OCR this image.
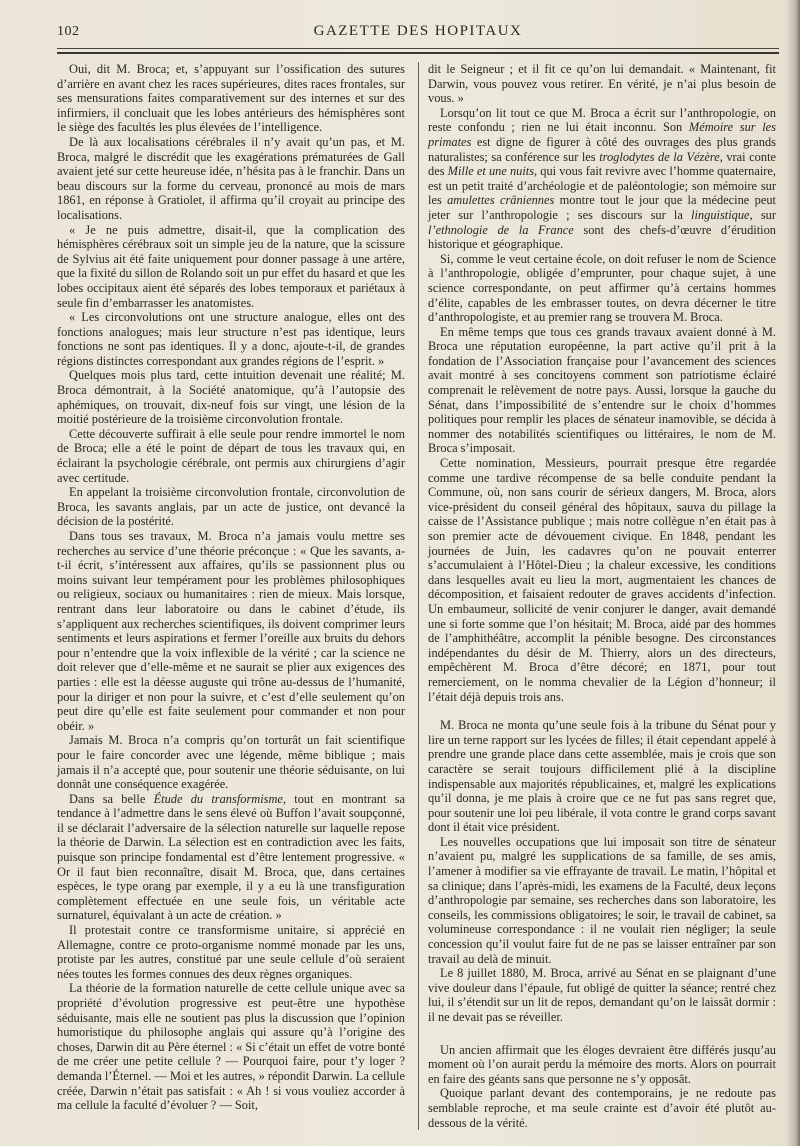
102	GAZETTE DES HOPITAUX

Oui, dit M. Broca; et, s’appuyant sur l’ossification des sutures d’arrière en avant chez les races supérieures, dites races frontales, sur ses mensurations faites comparativement sur des internes et sur des infirmiers, il concluait que les lobes antérieurs des hémisphères sont le siège des facultés les plus élevées de l’intelligence.

De là aux localisations cérébrales il n’y avait qu’un pas, et M. Broca, malgré le discrédit que les exagérations prématurées de Gall avaient jeté sur cette heureuse idée, n’hésita pas à le franchir. Dans un beau discours sur la forme du cerveau, prononcé au mois de mars 1861, en réponse à Gratiolet, il affirma qu’il croyait au principe des localisations.

« Je ne puis admettre, disait-il, que la complication des hémisphères cérébraux soit un simple jeu de la nature, que la scissure de Sylvius ait été faite uniquement pour donner passage à une artère, que la fixité du sillon de Rolando soit un pur effet du hasard et que les lobes occipitaux aient été séparés des lobes temporaux et pariétaux à seule fin d’embarrasser les anatomistes.

« Les circonvolutions ont une structure analogue, elles ont des fonctions analogues; mais leur structure n’est pas identique, leurs fonctions ne sont pas identiques. Il y a donc, ajoute-t-il, de grandes régions distinctes correspondant aux grandes régions de l’esprit. »

Quelques mois plus tard, cette intuition devenait une réalité; M. Broca démontrait, à la Société anatomique, qu’à l’autopsie des aphémiques, on trouvait, dix-neuf fois sur vingt, une lésion de la moitié postérieure de la troisième circonvolution frontale.

Cette découverte suffirait à elle seule pour rendre immortel le nom de Broca; elle a été le point de départ de tous les travaux qui, en éclairant la psychologie cérébrale, ont permis aux chirurgiens d’agir avec certitude.

En appelant la troisième circonvolution frontale, circonvolution de Broca, les savants anglais, par un acte de justice, ont devancé la décision de la postérité.

Dans tous ses travaux, M. Broca n’a jamais voulu mettre ses recherches au service d’une théorie préconçue : « Que les savants, a-t-il écrit, s’intéressent aux affaires, qu’ils se passionnent plus ou moins suivant leur tempérament pour les problèmes philosophiques ou religieux, sociaux ou humanitaires : rien de mieux. Mais lorsque, rentrant dans leur laboratoire ou dans le cabinet d’étude, ils s’appliquent aux recherches scientifiques, ils doivent comprimer leurs sentiments et leurs aspirations et fermer l’oreille aux bruits du dehors pour n’entendre que la voix inflexible de la vérité ; car la science ne doit relever que d’elle-même et ne saurait se plier aux exigences des parties : elle est la déesse auguste qui trône au-dessus de l’humanité, pour la diriger et non pour la suivre, et c’est d’elle seulement qu’on peut dire qu’elle est faite seulement pour commander et non pour obéir. »

Jamais M. Broca n’a compris qu’on torturât un fait scientifique pour le faire concorder avec une légende, même biblique ; mais jamais il n’a accepté que, pour soutenir une théorie séduisante, on lui donnât une conséquence exagérée.

Dans sa belle Étude du transformisme, tout en montrant sa tendance à l’admettre dans le sens élevé où Buffon l’avait soupçonné, il se déclarait l’adversaire de la sélection naturelle sur laquelle repose la théorie de Darwin. La sélection est en contradiction avec les faits, puisque son principe fondamental est d’être lentement progressive. « Or il faut bien reconnaître, disait M. Broca, que, dans certaines espèces, le type orang par exemple, il y a eu là une transfiguration complètement effectuée en une seule fois, un véritable acte surnaturel, équivalant à un acte de création. »

Il protestait contre ce transformisme unitaire, si apprécié en Allemagne, contre ce proto-organisme nommé monade par les uns, protiste par les autres, constitué par une seule cellule d’où seraient nées toutes les formes connues des deux règnes organiques.

La théorie de la formation naturelle de cette cellule unique avec sa propriété d’évolution progressive est peut-être une hypothèse séduisante, mais elle ne soutient pas plus la discussion que l’opinion humoristique du philosophe anglais qui assure qu’à l’origine des choses, Darwin dit au Père éternel : « Si c’était un effet de votre bonté de me créer une petite cellule ? — Pourquoi faire, pour t’y loger ? demanda l’Éternel. — Moi et les autres, » répondit Darwin. La cellule créée, Darwin n’était pas satisfait : « Ah ! si vous vouliez accorder à ma cellule la faculté d’évoluer ? — Soit,

dit le Seigneur ; et il fit ce qu’on lui demandait. « Maintenant, fit Darwin, vous pouvez vous retirer. En vérité, je n’ai plus besoin de vous. »

Lorsqu’on lit tout ce que M. Broca a écrit sur l’anthropologie, on reste confondu ; rien ne lui était inconnu. Son Mémoire sur les primates est digne de figurer à côté des ouvrages des plus grands naturalistes; sa conférence sur les troglodytes de la Vézère, vrai conte des Mille et une nuits, qui vous fait revivre avec l’homme quaternaire, est un petit traité d’archéologie et de paléontologie; son mémoire sur les amulettes crâniennes montre tout le jour que la médecine peut jeter sur l’anthropologie ; ses discours sur la linguistique, sur l’ethnologie de la France sont des chefs-d’œuvre d’érudition historique et géographique.

Si, comme le veut certaine école, on doit refuser le nom de Science à l’anthropologie, obligée d’emprunter, pour chaque sujet, à une science correspondante, on peut affirmer qu’à certains hommes d’élite, capables de les embrasser toutes, on devra décerner le titre d’anthropologiste, et au premier rang se trouvera M. Broca.

En même temps que tous ces grands travaux avaient donné à M. Broca une réputation européenne, la part active qu’il prit à la fondation de l’Association française pour l’avancement des sciences avait montré à ses concitoyens comment son patriotisme éclairé comprenait le relèvement de notre pays. Aussi, lorsque la gauche du Sénat, dans l’impossibilité de s’entendre sur le choix d’hommes politiques pour remplir les places de sénateur inamovible, se décida à nommer des notabilités scientifiques ou littéraires, le nom de M. Broca s’imposait.

Cette nomination, Messieurs, pourrait presque être regardée comme une tardive récompense de sa belle conduite pendant la Commune, où, non sans courir de sérieux dangers, M. Broca, alors vice-président du conseil général des hôpitaux, sauva du pillage la caisse de l’Assistance publique ; mais notre collègue n’en était pas à son premier acte de dévouement civique. En 1848, pendant les journées de Juin, les cadavres qu’on ne pouvait enterrer s’accumulaient à l’Hôtel-Dieu ; la chaleur excessive, les conditions dans lesquelles avait eu lieu la mort, augmentaient les chances de décomposition, et faisaient redouter de graves accidents d’infection. Un embaumeur, sollicité de venir conjurer le danger, avait demandé une si forte somme que l’on hésitait; M. Broca, aidé par des hommes de l’amphithéâtre, accomplit la pénible besogne. Des circonstances indépendantes du désir de M. Thierry, alors un des directeurs, empêchèrent M. Broca d’être décoré; en 1871, pour tout remerciement, on le nomma chevalier de la Légion d’honneur; il l’était déjà depuis trois ans.

M. Broca ne monta qu’une seule fois à la tribune du Sénat pour y lire un terne rapport sur les lycées de filles; il était cependant appelé à prendre une grande place dans cette assemblée, mais je crois que son caractère se serait toujours difficilement plié à la discipline indispensable aux majorités républicaines, et, malgré les explications qu’il donna, je me plais à croire que ce ne fut pas sans regret que, pour soutenir une loi peu libérale, il vota contre le grand corps savant dont il était vice président.

Les nouvelles occupations que lui imposait son titre de sénateur n’avaient pu, malgré les supplications de sa famille, de ses amis, l’amener à modifier sa vie effrayante de travail. Le matin, l’hôpital et sa clinique; dans l’après-midi, les examens de la Faculté, deux leçons d’anthropologie par semaine, ses recherches dans son laboratoire, les conseils, les commissions obligatoires; le soir, le travail de cabinet, sa volumineuse correspondance : il ne voulait rien négliger; la seule concession qu’il voulut faire fut de ne pas se laisser entraîner par son travail au delà de minuit.

Le 8 juillet 1880, M. Broca, arrivé au Sénat en se plaignant d’une vive douleur dans l’épaule, fut obligé de quitter la séance; rentré chez lui, il s’étendit sur un lit de repos, demandant qu’on le laissât dormir : il ne devait pas se réveiller.

Un ancien affirmait que les éloges devraient être différés jusqu’au moment où l’on aurait perdu la mémoire des morts. Alors on pourrait en faire des géants sans que personne ne s’y opposât.

Quoique parlant devant des contemporains, je ne redoute pas semblable reproche, et ma seule crainte est d’avoir été plutôt au-dessous de la vérité.
